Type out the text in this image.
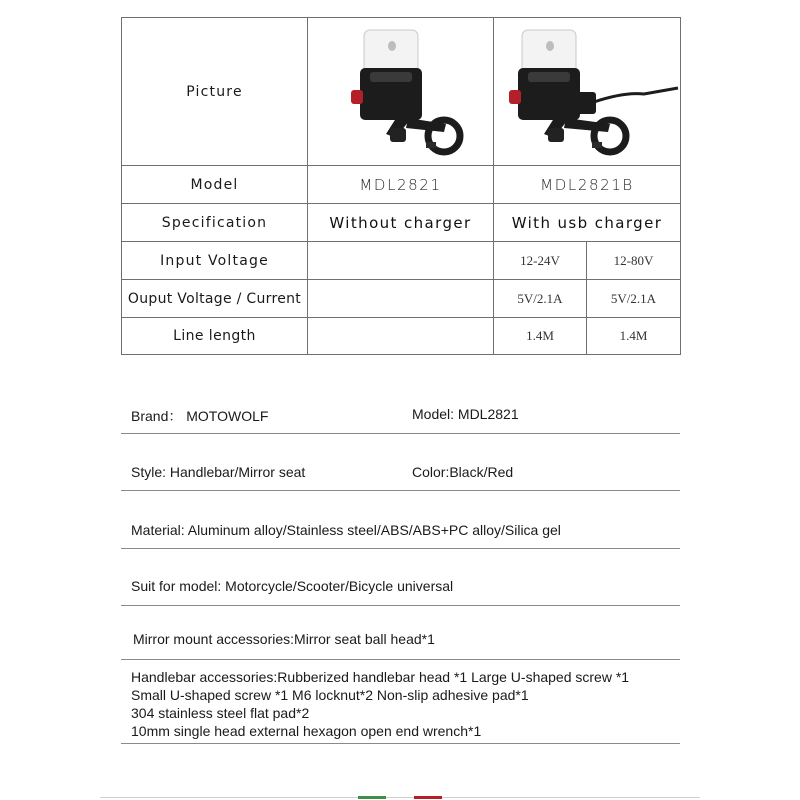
Picture	

Model	MDL2821	MDL2821B	
Specification	Without charger	With usb charger	
Input Voltage		12-24V	12-80V
Ouput Voltage / Current		5V/2.1A	5V/2.1A
Line length		1.4M	1.4M
Brand： MOTOWOLF	Model: MDL2821
Style: Handlebar/Mirror seat	Color:Black/Red
Material: Aluminum alloy/Stainless steel/ABS/ABS+PC alloy/Silica gel
Suit for model: Motorcycle/Scooter/Bicycle universal
Mirror mount accessories:Mirror seat ball head*1
Handlebar accessories:Rubberized handlebar head *1 Large U-shaped screw *1
Small U-shaped screw *1 M6 locknut*2 Non-slip adhesive pad*1
304 stainless steel flat pad*2
10mm single head external hexagon open end wrench*1
